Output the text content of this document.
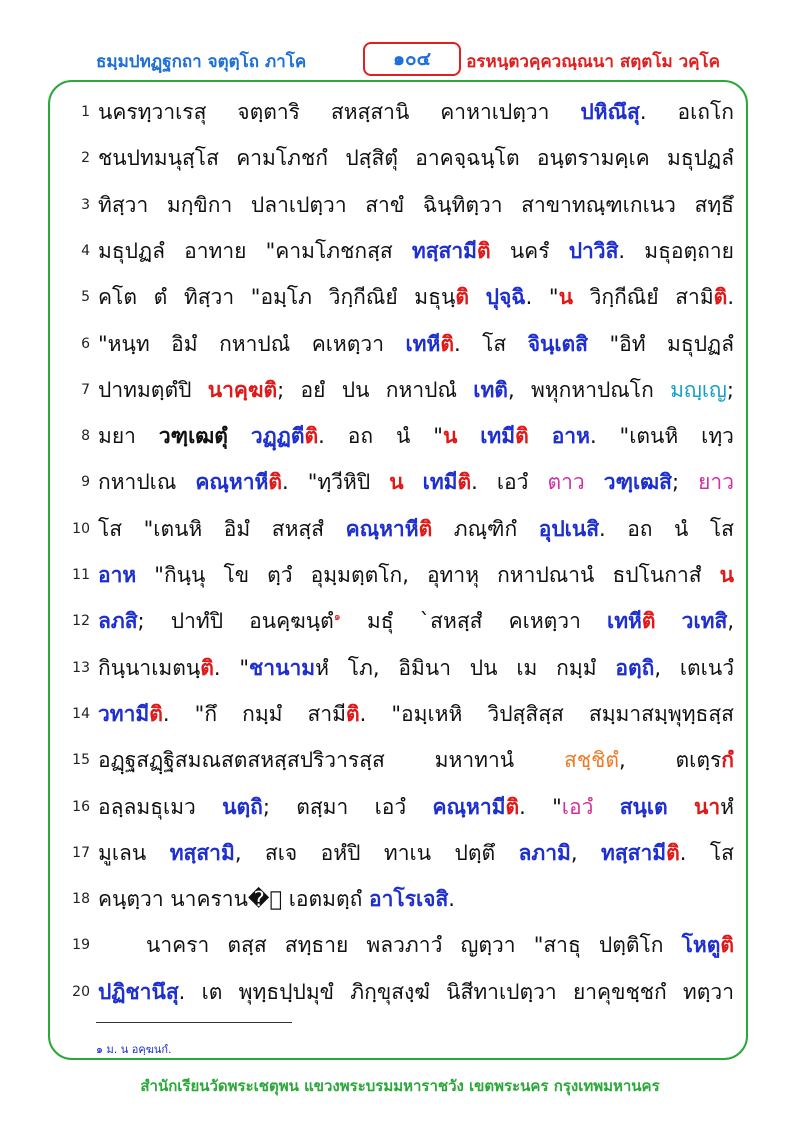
ธมฺมปทฏฺฐกถา จตุตฺโถ ภาโค	๑๐๔	อรหนฺตวคฺควณฺณนา สตฺตโม วคฺโค
1 นครทฺวาเรสุ จตฺตาริ สหสฺสานิ คาหาเปตฺวา ปหิณึสุ. อเถโก
2 ชนปทมนุสฺโส คามโภชกํ ปสฺสิตุํ อาคจฺฉนฺโต อนฺตรามคฺเค มธุปฏลํ
3 ทิสฺวา มกฺขิกา ปลาเปตฺวา สาขํ ฉินฺทิตฺวา สาขาทณฺฑเกเนว สทฺธึ
4 มธุปฏลํ อาทาย "คามโภชกสฺส ทสฺสามีติ นครํ ปาวิสิ. มธุอตฺถาย
5 คโต ตํ ทิสฺวา "อมฺโภ วิกฺกีณิยํ มธุนฺติ ปุจฺฉิ. "น วิกฺกีณิยํ สามิติ.
6 "หนฺท อิมํ กหาปณํ คเหตฺวา เทหีติ. โส จินฺเตสิ "อิทํ มธุปฏลํ
7 ปาทมตฺตํปิ นาคฺฆติ; อยํ ปน กหาปณํ เทติ, พหุกหาปณโก มญฺเญ;
8 มยา วฑฺเฒตุํ วฏฺฏตีติ. อถ นํ "น เทมีติ อาห. "เตนหิ เทฺว
9 กหาปเณ คณฺหาหีติ. "ทฺวีหิปิ น เทมีติ. เอวํ ตาว วฑฺเฒสิ; ยาว
10 โส "เตนหิ อิมํ สหสฺสํ คณฺหาหีติ ภณฺฑิกํ อุปเนสิ. อถ นํ โส
11 อาห "กินฺนุ โข ตฺวํ อุมฺมตฺตโก, อุทาหุ กหาปณานํ ธปโนกาสํ น
12 ลภสิ; ปาทํปิ อนคฺฆนฺตํ$^๑$ มธุํ `สหสฺสํ คเหตฺวา เทหีติ วเทสิ,
13 กินฺนาเมตนฺติ. "ชานามหํ โภ, อิมินา ปน เม กมฺมํ อตฺถิ, เตเนวํ
14 วทามีติ. "กึ กมฺมํ สามีติ. "อมฺเหหิ วิปสฺสิสฺส สมฺมาสมฺพุทฺธสฺส
15 อฏฺฐสฏฺฐิสมณสตสหสฺสปริวารสฺส มหาทานํ สชฺชิตํ, ตเตฺรกํ
16 อลฺลมธุเมว นตฺถิ; ตสฺมา เอวํ คณฺหามีติ. "เอวํ สนฺเต นาหํ
17 มูเลน ทสฺสามิ, สเจ อหํปิ ทาเน ปตฺตึ ลภามิ, ทสฺสามีติ. โส
18 คนฺตฺวา นาคราน�ํ เอตมตฺถํ อาโรเจสิ.
19	นาครา ตสฺส สทฺธาย พลวภาวํ ญตฺวา "สาธุ ปตฺติโก โหตูติ
20 ปฏิชานึสุ. เต พุทฺธปฺปมุขํ ภิกฺขุสงฺฆํ นิสีทาเปตฺวา ยาคุขชฺชกํ ทตฺวา
๑ ม. น อคฺฆนกํ.
สำนักเรียนวัดพระเชตุพน แขวงพระบรมมหาราชวัง เขตพระนคร กรุงเทพมหานคร
